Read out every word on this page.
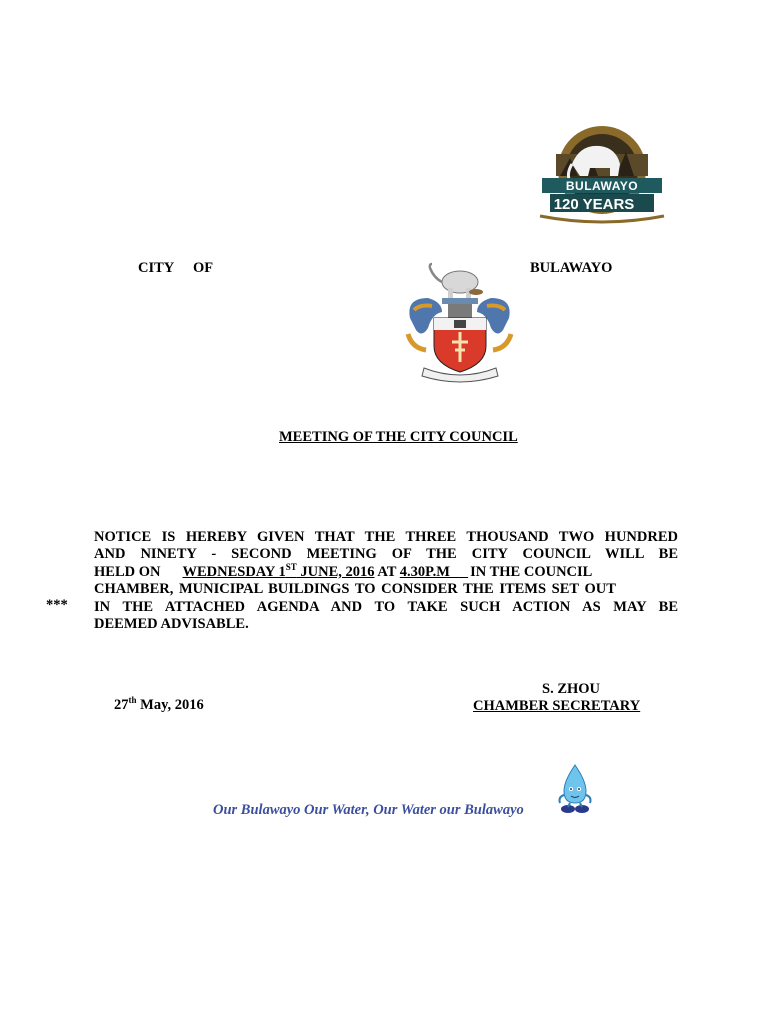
BULAWAYO
120 YEARS
CITY OF	BULAWAYO
MEETING OF THE CITY COUNCIL
NOTICE IS HEREBY GIVEN THAT THE THREE THOUSAND TWO HUNDRED
AND NINETY - SECOND MEETING OF THE CITY COUNCIL WILL BE
HELD ON WEDNESDAY 1ST JUNE, 2016 AT 4.30P.M IN THE COUNCIL
CHAMBER, MUNICIPAL BUILDINGS TO CONSIDER THE ITEMS SET OUT
IN THE ATTACHED AGENDA AND TO TAKE SUCH ACTION AS MAY BE
DEEMED ADVISABLE.
***
27th May, 2016
S. ZHOU
CHAMBER SECRETARY
Our Bulawayo Our Water, Our Water our Bulawayo
